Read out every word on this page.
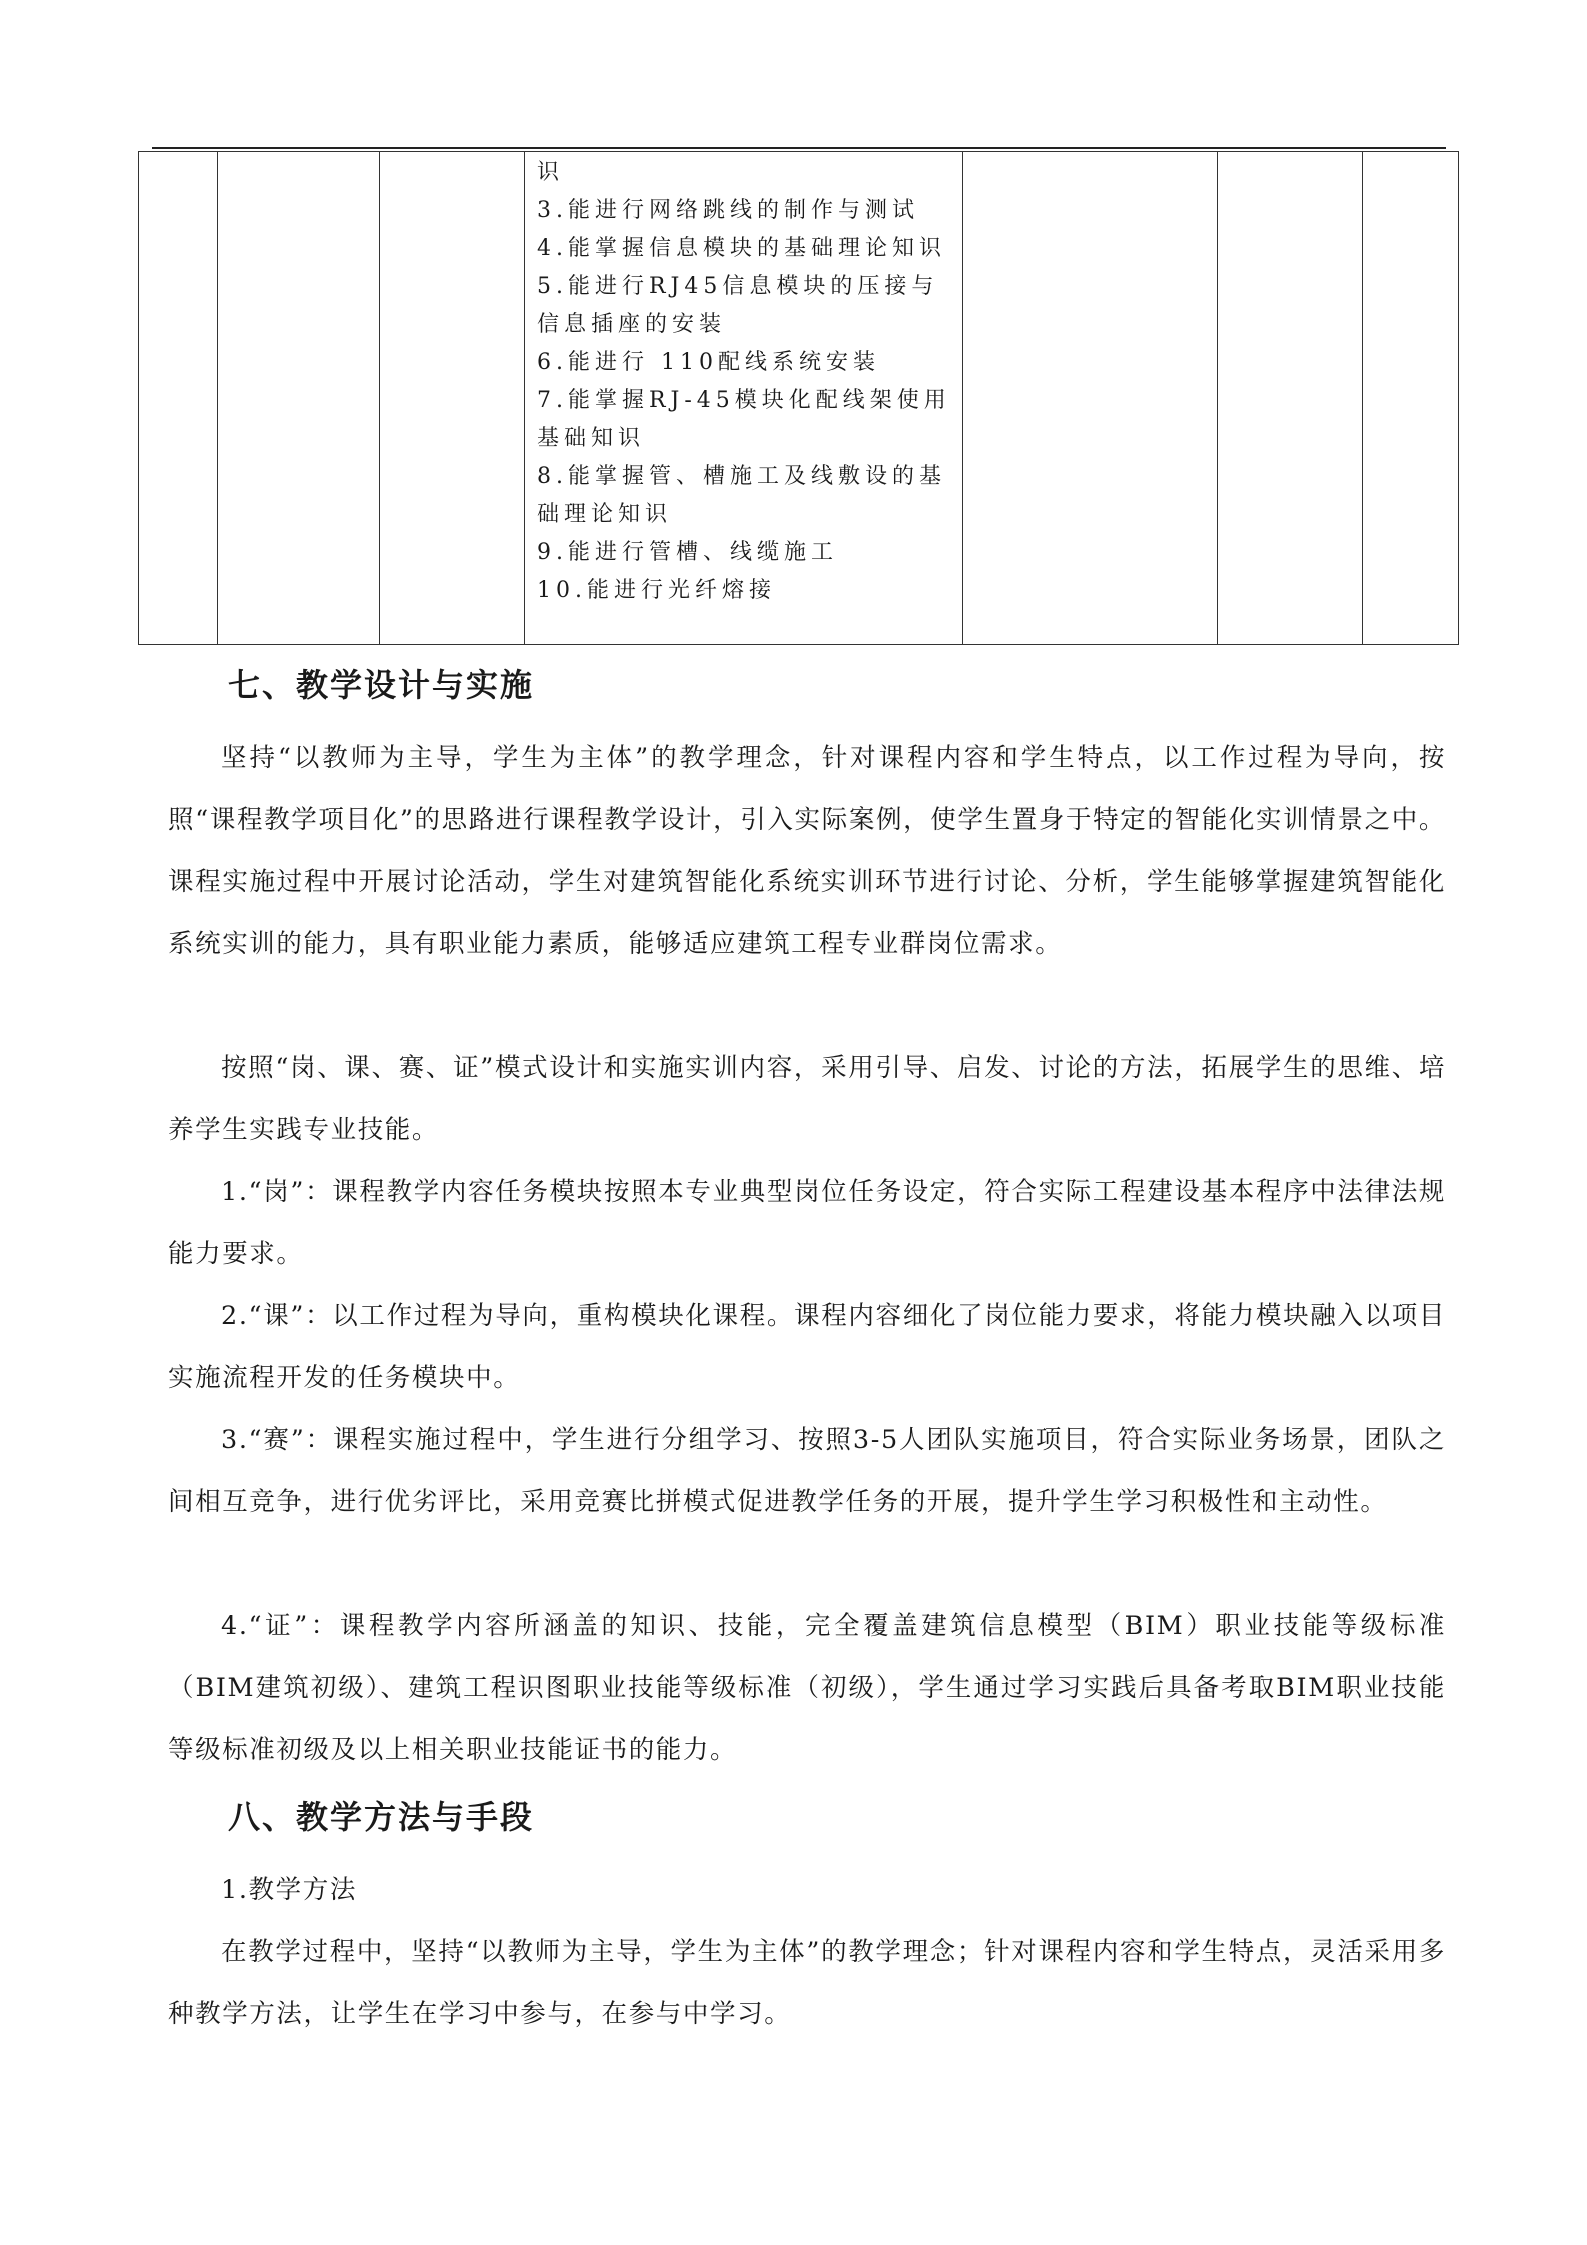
识
3.能进行网络跳线的制作与测试
4.能掌握信息模块的基础理论知识
5.能进行RJ45信息模块的压接与信息插座的安装
6.能进行 110配线系统安装
7.能掌握RJ-45模块化配线架使用基础知识
8.能掌握管、槽施工及线敷设的基础理论知识
9.能进行管槽、线缆施工
10.能进行光纤熔接

七、教学设计与实施

坚持“以教师为主导，学生为主体”的教学理念，针对课程内容和学生特点，以工作过程为导向，按照“课程教学项目化”的思路进行课程教学设计，引入实际案例，使学生置身于特定的智能化实训情景之中。课程实施过程中开展讨论活动，学生对建筑智能化系统实训环节进行讨论、分析，学生能够掌握建筑智能化系统实训的能力，具有职业能力素质，能够适应建筑工程专业群岗位需求。

按照“岗、课、赛、证”模式设计和实施实训内容，采用引导、启发、讨论的方法，拓展学生的思维、培养学生实践专业技能。

1.“岗”：课程教学内容任务模块按照本专业典型岗位任务设定，符合实际工程建设基本程序中法律法规能力要求。

2.“课”：以工作过程为导向，重构模块化课程。课程内容细化了岗位能力要求，将能力模块融入以项目实施流程开发的任务模块中。

3.“赛”：课程实施过程中，学生进行分组学习、按照3-5人团队实施项目，符合实际业务场景，团队之间相互竞争，进行优劣评比，采用竞赛比拼模式促进教学任务的开展，提升学生学习积极性和主动性。

4.“证”：课程教学内容所涵盖的知识、技能，完全覆盖建筑信息模型（BIM）职业技能等级标准（BIM建筑初级）、建筑工程识图职业技能等级标准（初级），学生通过学习实践后具备考取BIM职业技能等级标准初级及以上相关职业技能证书的能力。

八、教学方法与手段

1.教学方法

在教学过程中，坚持“以教师为主导，学生为主体”的教学理念；针对课程内容和学生特点，灵活采用多种教学方法，让学生在学习中参与，在参与中学习。
